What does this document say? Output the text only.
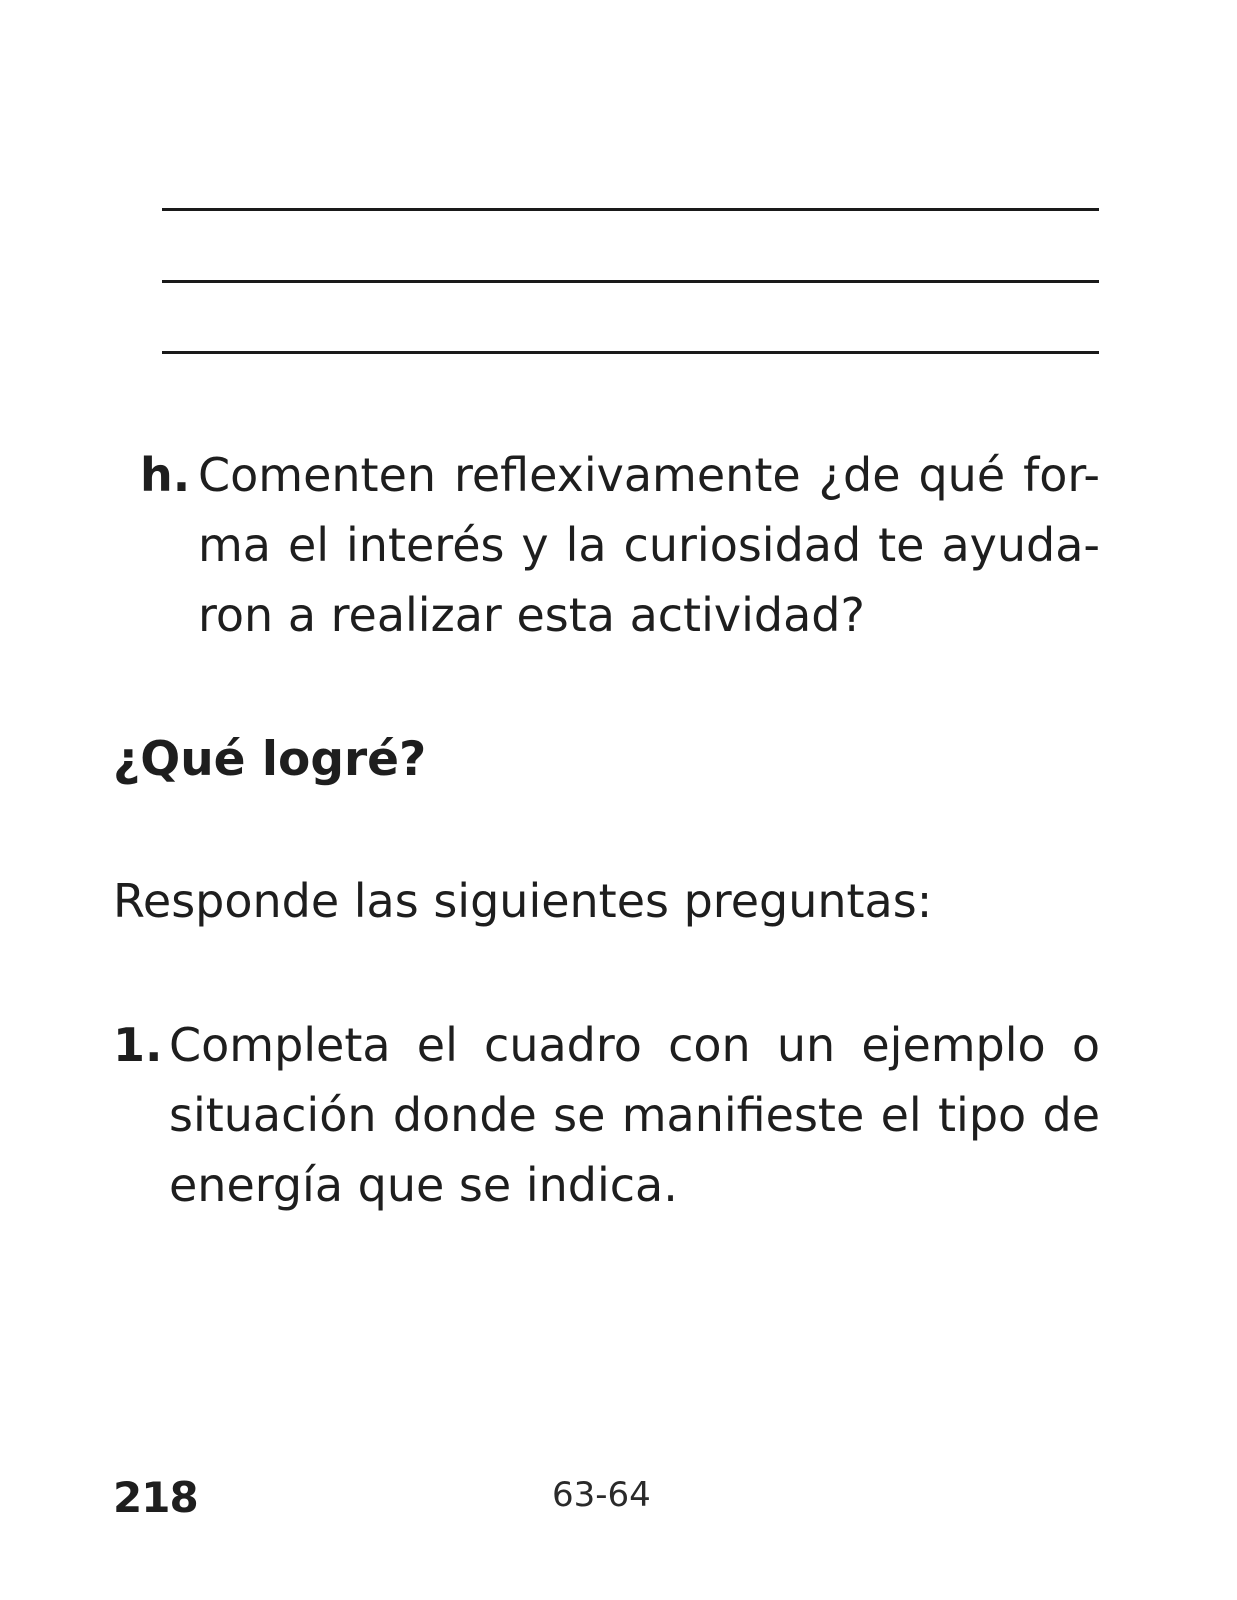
h. Comenten reflexivamente ¿de qué for-
ma el interés y la curiosidad te ayuda-
ron a realizar esta actividad?
¿Qué logré?

Responde las siguientes preguntas:

1. Completa el cuadro con un ejemplo o
situación donde se manifieste el tipo de
energía que se indica.
218	63-64
